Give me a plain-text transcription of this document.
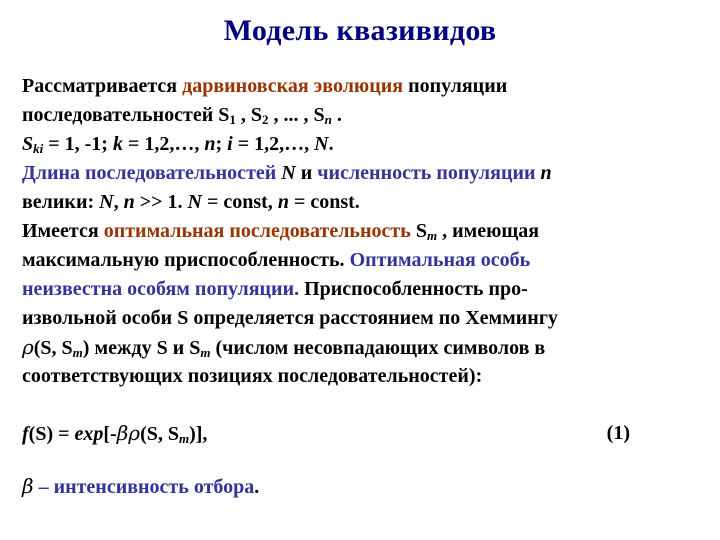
Модель квазивидов
Рассматривается дарвиновская эволюция популяции
последовательностей $S_1$ , $S_2$ , ... , $S_n$ .
$S_{ki} = 1$, -1; k = 1,2,…, n; i = 1,2,…, N.
Длина последовательностей N и численность популяции n
велики: N, n >> 1. N = const, n = const.
Имеется оптимальная последовательность $S_m$ , имеющая
максимальную приспособленность. Оптимальная особь
неизвестна особям популяции. Приспособленность про-
извольной особи S определяется расстоянием по Хеммингу
ρ(S, $S_m$) между S и $S_m$ (числом несовпадающих символов в
соответствующих позициях последовательностей):
f(S) = exp[-βρ(S, $S_m$)],	(1)
β – интенсивность отбора.
